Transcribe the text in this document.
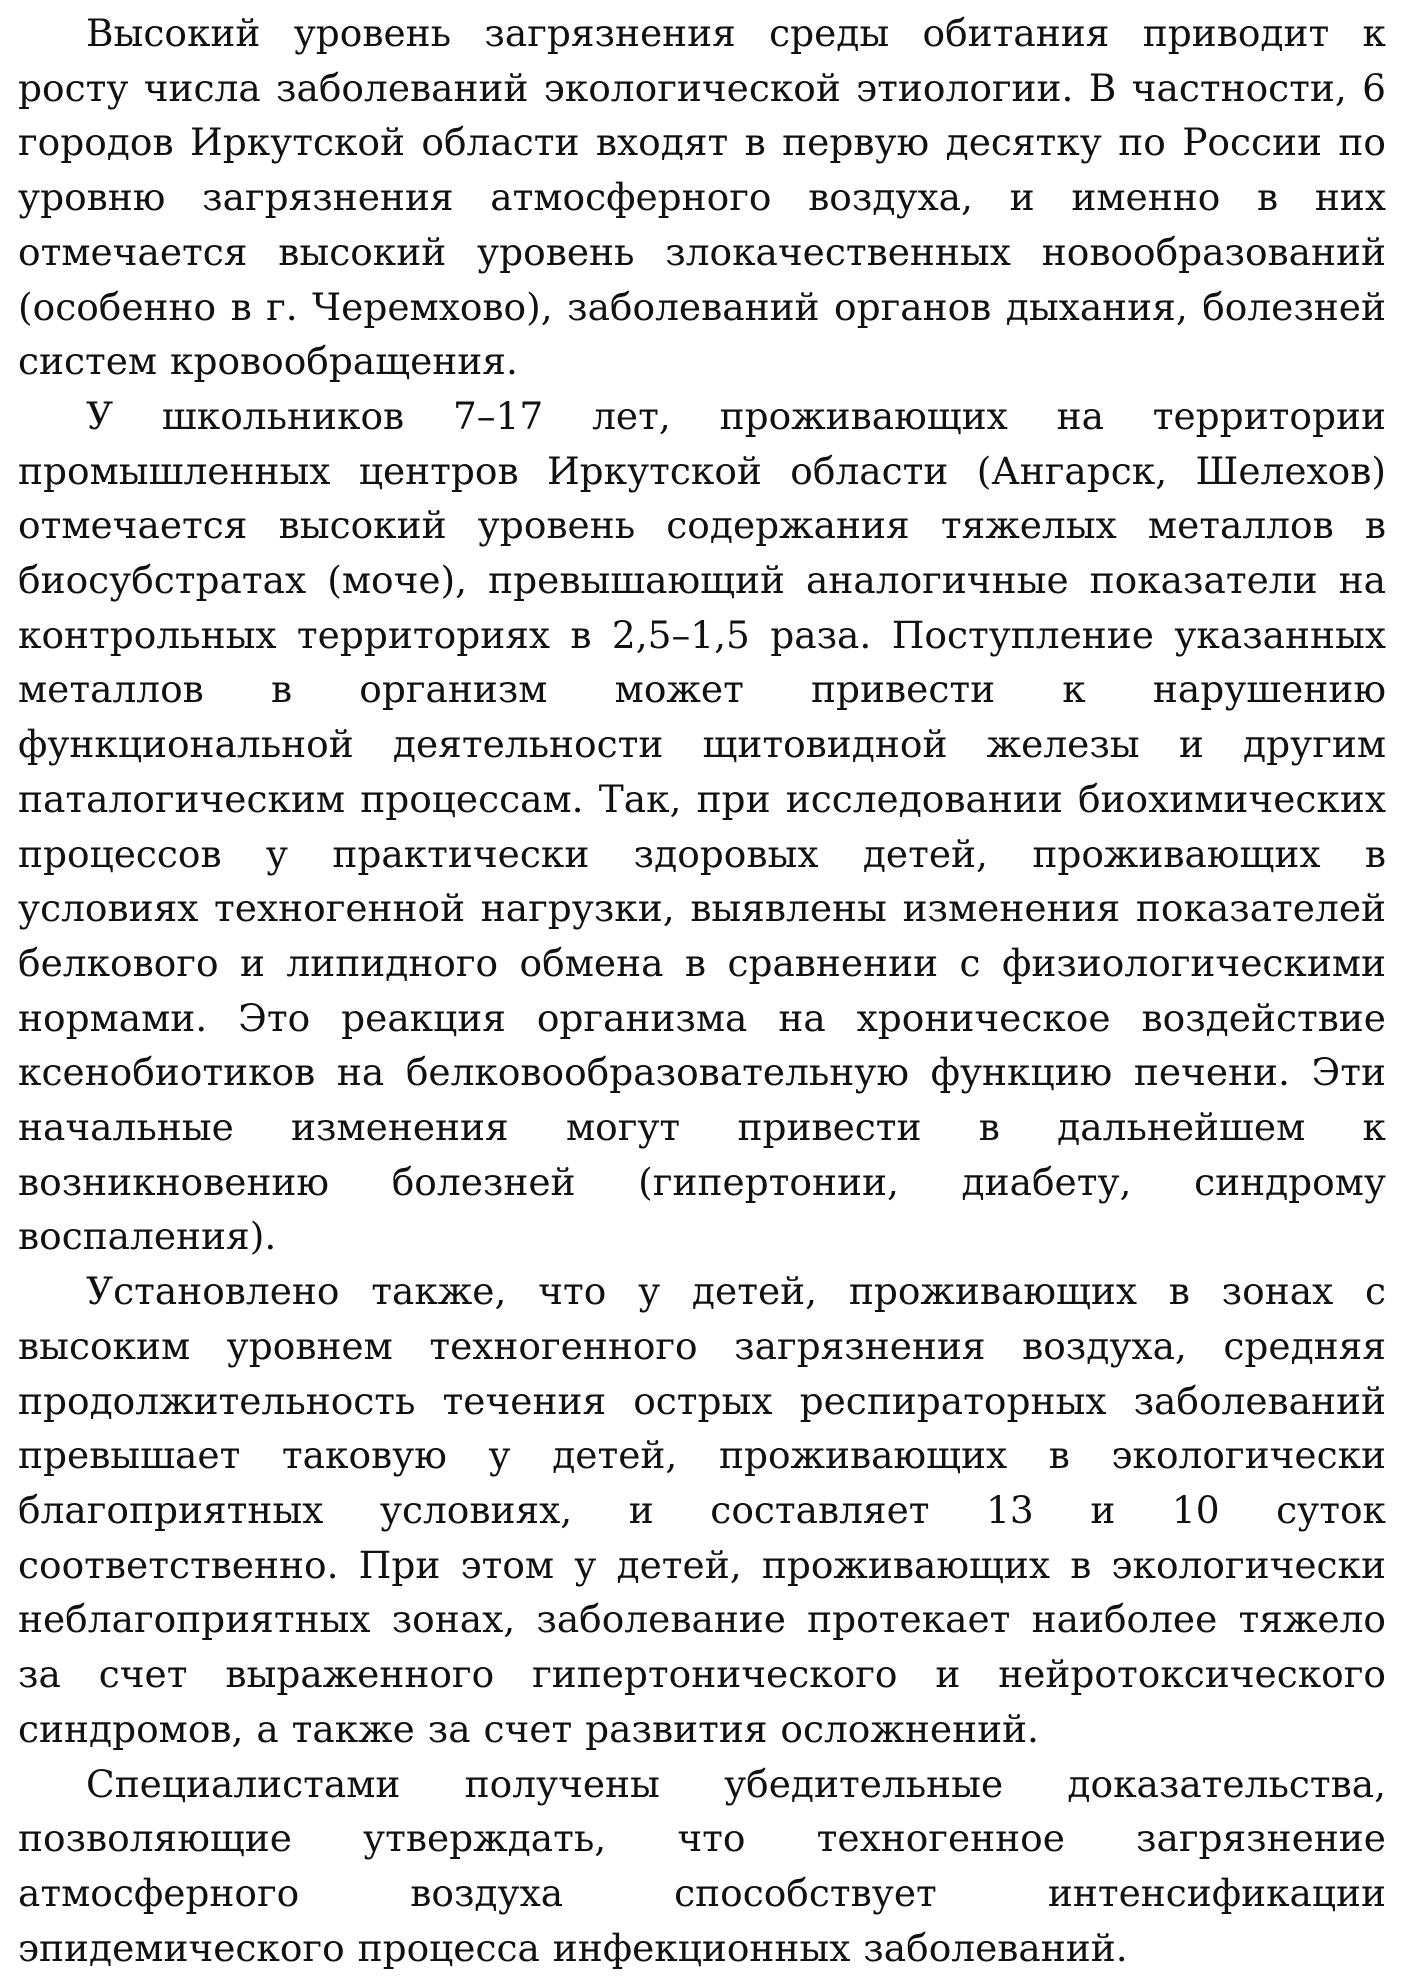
Высокий уровень загрязнения среды обитания приводит к росту числа заболеваний экологической этиологии. В частности, 6 городов Иркутской области входят в первую десятку по России по уровню загрязнения атмосферного воздуха, и именно в них отмечается высокий уровень злокачественных новообразований (особенно в г. Черемхово), заболеваний органов дыхания, болезней систем кровообращения.

У школьников 7–17 лет, проживающих на территории промышленных центров Иркутской области (Ангарск, Шелехов) отмечается высокий уровень содержания тяжелых металлов в биосубстратах (моче), превышающий аналогичные показатели на контрольных территориях в 2,5–1,5 раза. Поступление указанных металлов в организм может привести к нарушению функциональной деятельности щитовидной железы и другим паталогическим процессам. Так, при исследовании биохимических процессов у практически здоровых детей, проживающих в условиях техногенной нагрузки, выявлены изменения показателей белкового и липидного обмена в сравнении с физиологическими нормами. Это реакция организма на хроническое воздействие ксенобиотиков на белковообразовательную функцию печени. Эти начальные изменения могут привести в дальнейшем к возникновению болезней (гипертонии, диабету, синдрому воспаления).

Установлено также, что у детей, проживающих в зонах с высоким уровнем техногенного загрязнения воздуха, средняя продолжительность течения острых респираторных заболеваний превышает таковую у детей, проживающих в экологически благоприятных условиях, и составляет 13 и 10 суток соответственно. При этом у детей, проживающих в экологически неблагоприятных зонах, заболевание протекает наиболее тяжело за счет выраженного гипертонического и нейротоксического синдромов, а также за счет развития осложнений.

Специалистами получены убедительные доказательства, позволяющие утверждать, что техногенное загрязнение атмосферного воздуха способствует интенсификации эпидемического процесса инфекционных заболеваний.
